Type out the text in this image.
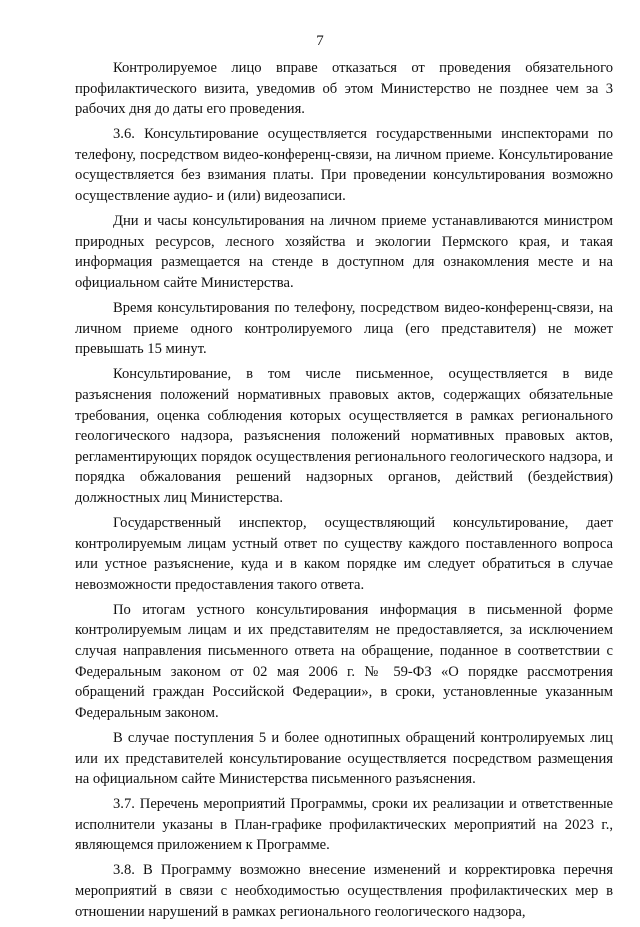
7

Контролируемое лицо вправе отказаться от проведения обязательного профилактического визита, уведомив об этом Министерство не позднее чем за 3 рабочих дня до даты его проведения.

3.6. Консультирование осуществляется государственными инспекторами по телефону, посредством видео-конференц-связи, на личном приеме. Консультирование осуществляется без взимания платы. При проведении консультирования возможно осуществление аудио- и (или) видеозаписи.

Дни и часы консультирования на личном приеме устанавливаются министром природных ресурсов, лесного хозяйства и экологии Пермского края, и такая информация размещается на стенде в доступном для ознакомления месте и на официальном сайте Министерства.

Время консультирования по телефону, посредством видео-конференц-связи, на личном приеме одного контролируемого лица (его представителя) не может превышать 15 минут.

Консультирование, в том числе письменное, осуществляется в виде разъяснения положений нормативных правовых актов, содержащих обязательные требования, оценка соблюдения которых осуществляется в рамках регионального геологического надзора, разъяснения положений нормативных правовых актов, регламентирующих порядок осуществления регионального геологического надзора, и порядка обжалования решений надзорных органов, действий (бездействия) должностных лиц Министерства.

Государственный инспектор, осуществляющий консультирование, дает контролируемым лицам устный ответ по существу каждого поставленного вопроса или устное разъяснение, куда и в каком порядке им следует обратиться в случае невозможности предоставления такого ответа.

По итогам устного консультирования информация в письменной форме контролируемым лицам и их представителям не предоставляется, за исключением случая направления письменного ответа на обращение, поданное в соответствии с Федеральным законом от 02 мая 2006 г. № 59-ФЗ «О порядке рассмотрения обращений граждан Российской Федерации», в сроки, установленные указанным Федеральным законом.

В случае поступления 5 и более однотипных обращений контролируемых лиц или их представителей консультирование осуществляется посредством размещения на официальном сайте Министерства письменного разъяснения.

3.7. Перечень мероприятий Программы, сроки их реализации и ответственные исполнители указаны в План-графике профилактических мероприятий на 2023 г., являющемся приложением к Программе.

3.8. В Программу возможно внесение изменений и корректировка перечня мероприятий в связи с необходимостью осуществления профилактических мер в отношении нарушений в рамках регионального геологического надзора,
